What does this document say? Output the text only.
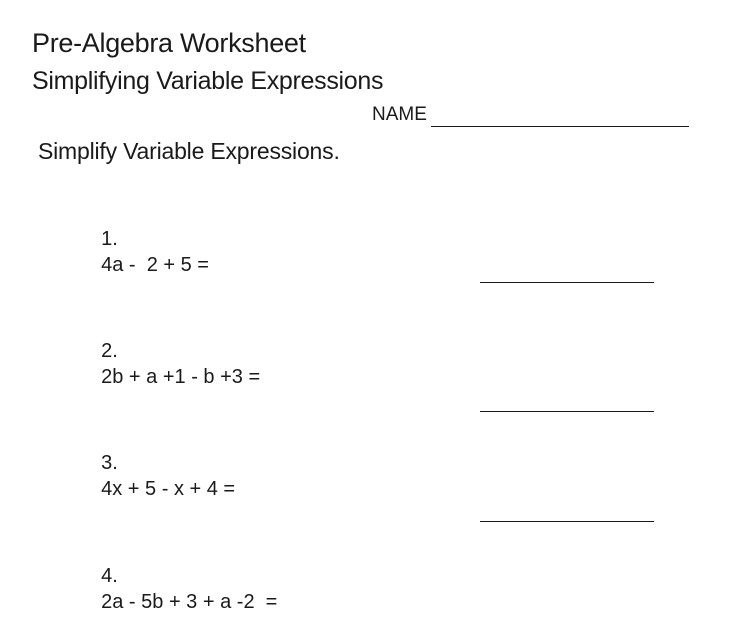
Pre-Algebra Worksheet
Simplifying Variable Expressions
NAME
Simplify Variable Expressions.

1.
4a -  2 + 5 =

2.
2b + a +1 - b +3 =

3.
4x + 5 - x + 4 =

4.
2a - 5b + 3 + a -2  =
